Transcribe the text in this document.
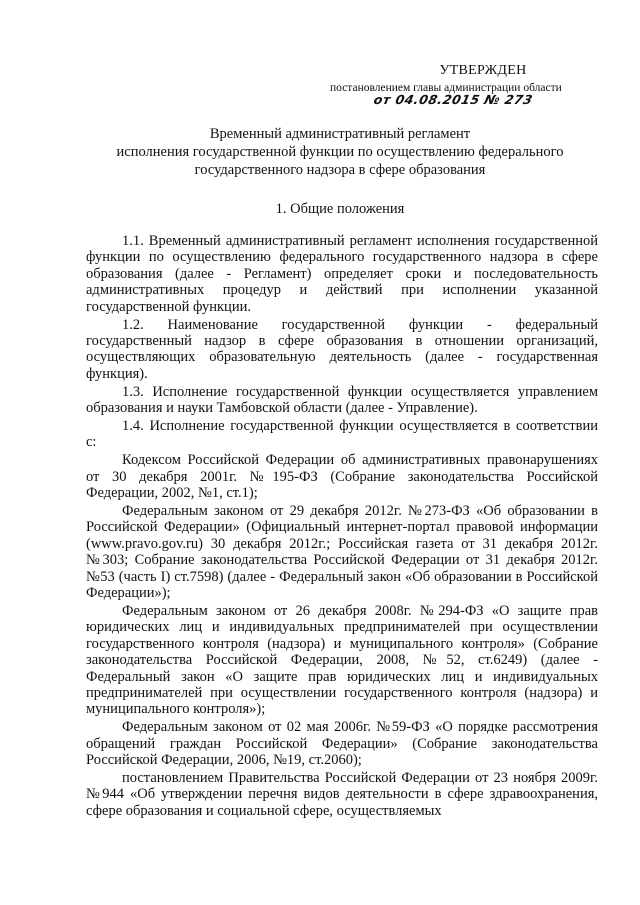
УТВЕРЖДЕН
постановлением главы администрации области
от 04.08.2015 № 273
Временный административный регламент
исполнения государственной функции по осуществлению федерального
государственного надзора в сфере образования
1. Общие положения

1.1. Временный административный регламент исполнения государственной функции по осуществлению федерального государственного надзора в сфере образования (далее - Регламент) определяет сроки и последовательность административных процедур и действий при исполнении указанной государственной функции.

1.2. Наименование государственной функции - федеральный государственный надзор в сфере образования в отношении организаций, осуществляющих образовательную деятельность (далее - государственная функция).

1.3. Исполнение государственной функции осуществляется управлением образования и науки Тамбовской области (далее - Управление).

1.4. Исполнение государственной функции осуществляется в соответствии с:

Кодексом Российской Федерации об административных правонарушениях от 30 декабря 2001г. №195-ФЗ (Собрание законодательства Российской Федерации, 2002, №1, ст.1);

Федеральным законом от 29 декабря 2012г. №273-ФЗ «Об образовании в Российской Федерации» (Официальный интернет-портал правовой информации (www.pravo.gov.ru) 30 декабря 2012г.; Российская газета от 31 декабря 2012г. №303; Собрание законодательства Российской Федерации от 31 декабря 2012г. №53 (часть I) ст.7598) (далее - Федеральный закон «Об образовании в Российской Федерации»);

Федеральным законом от 26 декабря 2008г. №294-ФЗ «О защите прав юридических лиц и индивидуальных предпринимателей при осуществлении государственного контроля (надзора) и муниципального контроля» (Собрание законодательства Российской Федерации, 2008, №52, ст.6249) (далее - Федеральный закон «О защите прав юридических лиц и индивидуальных предпринимателей при осуществлении государственного контроля (надзора) и муниципального контроля»);

Федеральным законом от 02 мая 2006г. №59-ФЗ «О порядке рассмотрения обращений граждан Российской Федерации» (Собрание законодательства Российской Федерации, 2006, №19, ст.2060);

постановлением Правительства Российской Федерации от 23 ноября 2009г. №944 «Об утверждении перечня видов деятельности в сфере здравоохранения, сфере образования и социальной сфере, осуществляемых
